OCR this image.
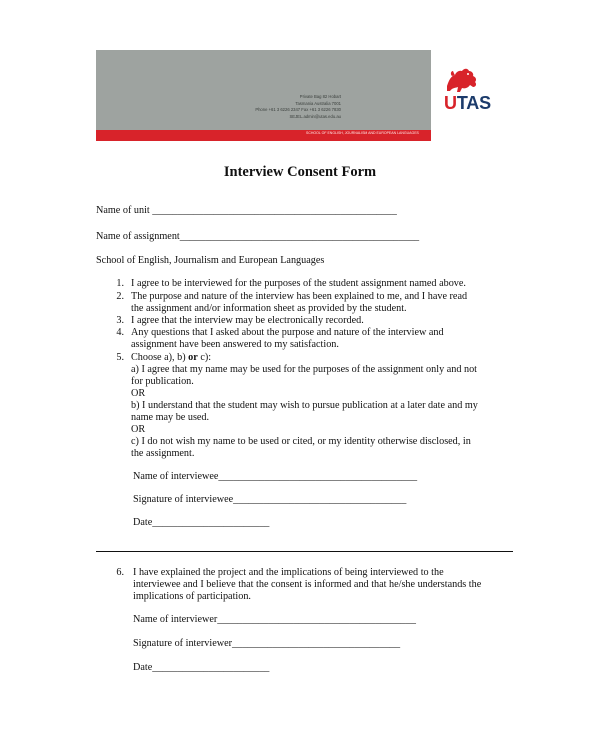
Private Bag 82 Hobart
Tasmania Australia 7001
Phone +61 3 6226 2347 Fax +61 3 6226 7830
SEJEL.admin@utas.edu.au
SCHOOL OF ENGLISH, JOURNALISM AND EUROPEAN LANGUAGES
UTAS
Interview Consent Form
Name of unit ________________________________________________
Name of assignment_______________________________________________
School of English, Journalism and European Languages
1. I agree to be interviewed for the purposes of the student assignment named above.
2. The purpose and nature of the interview has been explained to me, and I have read
the assignment and/or information sheet as provided by the student.
3. I agree that the interview may be electronically recorded.
4. Any questions that I asked about the purpose and nature of the interview and
assignment have been answered to my satisfaction.
5. Choose a), b) or c):
a) I agree that my name may be used for the purposes of the assignment only and not
for publication.
OR
b) I understand that the student may wish to pursue publication at a later date and my
name may be used.
OR
c) I do not wish my name to be used or cited, or my identity otherwise disclosed, in
the assignment.
Name of interviewee_______________________________________
Signature of interviewee__________________________________
Date_______________________
6. I have explained the project and the implications of being interviewed to the
interviewee and I believe that the consent is informed and that he/she understands the
implications of participation.
Name of interviewer_______________________________________
Signature of interviewer_________________________________
Date_______________________
